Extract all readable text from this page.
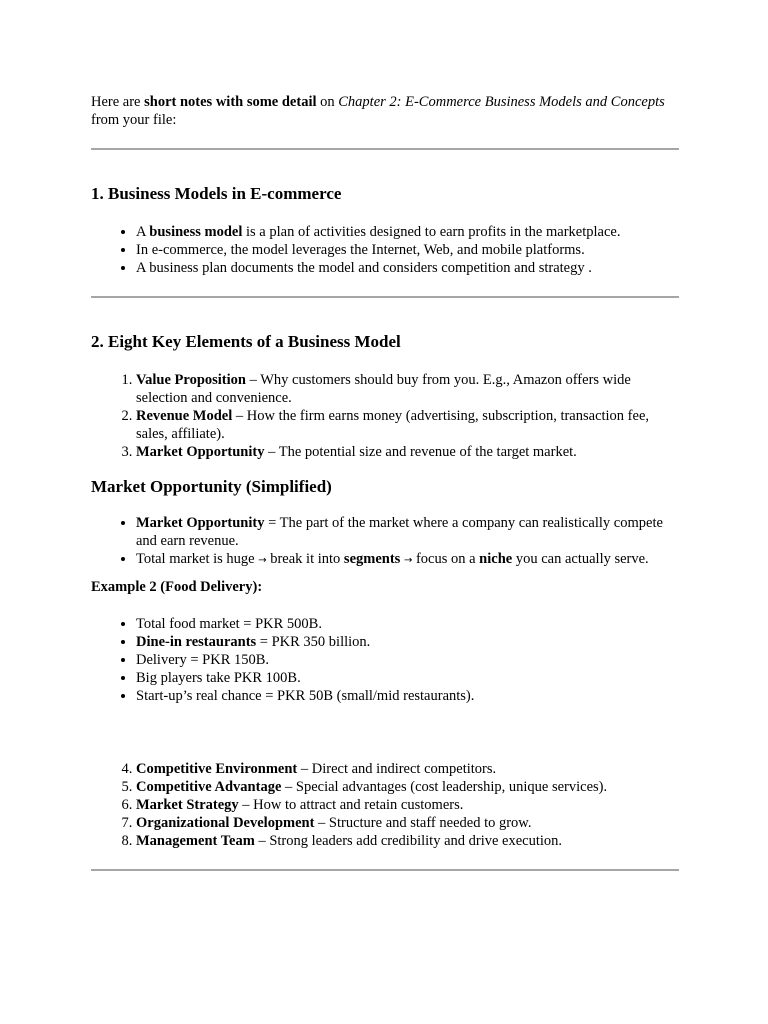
Here are short notes with some detail on Chapter 2: E-Commerce Business Models and Concepts from your file:

1. Business Models in E-commerce
• A business model is a plan of activities designed to earn profits in the marketplace.
• In e-commerce, the model leverages the Internet, Web, and mobile platforms.
• A business plan documents the model and considers competition and strategy .
2. Eight Key Elements of a Business Model
1. Value Proposition – Why customers should buy from you. E.g., Amazon offers wide selection and convenience.
2. Revenue Model – How the firm earns money (advertising, subscription, transaction fee, sales, affiliate).
3. Market Opportunity – The potential size and revenue of the target market.
Market Opportunity (Simplified)
• Market Opportunity = The part of the market where a company can realistically compete and earn revenue.
• Total market is huge → break it into segments → focus on a niche you can actually serve.
Example 2 (Food Delivery):
• Total food market = PKR 500B.
• Dine-in restaurants = PKR 350 billion.
• Delivery = PKR 150B.
• Big players take PKR 100B.
• Start-up’s real chance = PKR 50B (small/mid restaurants).
4. Competitive Environment – Direct and indirect competitors.
5. Competitive Advantage – Special advantages (cost leadership, unique services).
6. Market Strategy – How to attract and retain customers.
7. Organizational Development – Structure and staff needed to grow.
8. Management Team – Strong leaders add credibility and drive execution.
